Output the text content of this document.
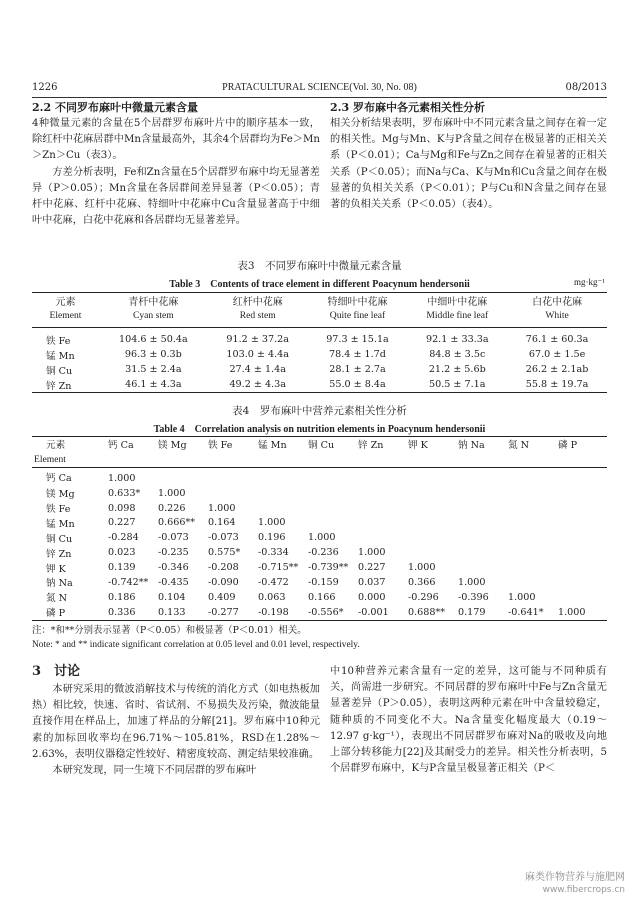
1226	PRATACULTURAL SCIENCE(Vol. 30, No. 08)	08/2013
2.2 不同罗布麻叶中微量元素含量

4种微量元素的含量在5个居群罗布麻叶片中的顺序基本一致，除红杆中花麻居群中Mn含量最高外，其余4个居群均为Fe＞Mn＞Zn＞Cu（表3）。

方差分析表明，Fe和Zn含量在5个居群罗布麻中均无显著差异（P＞0.05）；Mn含量在各居群间差异显著（P＜0.05）；青杆中花麻、红杆中花麻、特细叶中花麻中Cu含量显著高于中细叶中花麻，白花中花麻和各居群均无显著差异。

2.3 罗布麻中各元素相关性分析

相关分析结果表明，罗布麻叶中不同元素含量之间存在着一定的相关性。Mg与Mn、K与P含量之间存在极显著的正相关关系（P＜0.01）；Ca与Mg和Fe与Zn之间存在着显著的正相关关系（P＜0.05）；而Na与Ca、K与Mn和Cu含量之间存在极显著的负相关关系（P＜0.01）；P与Cu和N含量之间存在显著的负相关关系（P＜0.05）（表4）。

表3　不同罗布麻叶中微量元素含量
Table 3　Contents of trace element in different Poacynum hendersonii	mg·kg⁻¹
元素	青杆中花麻	红杆中花麻	特细叶中花麻	中细叶中花麻	白花中花麻
Element	Cyan stem	Red stem	Quite fine leaf	Middle fine leaf	White
铁 Fe	104.6 ± 50.4a	91.2 ± 37.2a	97.3 ± 15.1a	92.1 ± 33.3a	76.1 ± 60.3a
锰 Mn	96.3 ± 0.3b	103.0 ± 4.4a	78.4 ± 1.7d	84.8 ± 3.5c	67.0 ± 1.5e
铜 Cu	31.5 ± 2.4a	27.4 ± 1.4a	28.1 ± 2.7a	21.2 ± 5.6b	26.2 ± 2.1ab
锌 Zn	46.1 ± 4.3a	49.2 ± 4.3a	55.0 ± 8.4a	50.5 ± 7.1a	55.8 ± 19.7a
表4　罗布麻叶中营养元素相关性分析
Table 4　Correlation analysis on nutrition elements in Poacynum hendersonii
元素	钙 Ca	镁 Mg	铁 Fe	锰 Mn	铜 Cu	锌 Zn	钾 K	钠 Na	氮 N	磷 P
Element										
钙 Ca	1.000									
镁 Mg	0.633*	1.000								
铁 Fe	0.098	0.226	1.000							
锰 Mn	0.227	0.666**	0.164	1.000						
铜 Cu	-0.284	-0.073	-0.073	0.196	1.000					
锌 Zn	0.023	-0.235	0.575*	-0.334	-0.236	1.000				
钾 K	0.139	-0.346	-0.208	-0.715**	-0.739**	0.227	1.000			
钠 Na	-0.742**	-0.435	-0.090	-0.472	-0.159	0.037	0.366	1.000		
氮 N	0.186	0.104	0.409	0.063	0.166	0.000	-0.296	-0.396	1.000	
磷 P	0.336	0.133	-0.277	-0.198	-0.556*	-0.001	0.688**	0.179	-0.641*	1.000
注：*和**分别表示显著（P＜0.05）和极显著（P＜0.01）相关。
Note: * and ** indicate significant correlation at 0.05 level and 0.01 level, respectively.
3　讨论

本研究采用的微波消解技术与传统的消化方式（如电热板加热）相比较，快速、省时、省试剂、不易损失及污染，微波能量直接作用在样品上，加速了样品的分解[21]。罗布麻中10种元素的加标回收率均在96.71%～105.81%，RSD在1.28%～2.63%，表明仪器稳定性较好、精密度较高、测定结果较准确。

本研究发现，同一生境下不同居群的罗布麻叶

中10种营养元素含量有一定的差异，这可能与不同种质有关，尚需进一步研究。不同居群的罗布麻叶中Fe与Zn含量无显著差异（P＞0.05），表明这两种元素在叶中含量较稳定，随种质的不同变化不大。Na含量变化幅度最大（0.19～12.97 g·kg⁻¹），表现出不同居群罗布麻对Na的吸收及向地上部分转移能力[22]及其耐受力的差异。相关性分析表明，5个居群罗布麻中，K与P含量呈极显著正相关（P＜

麻类作物营养与施肥网
www.fibercrops.cn
